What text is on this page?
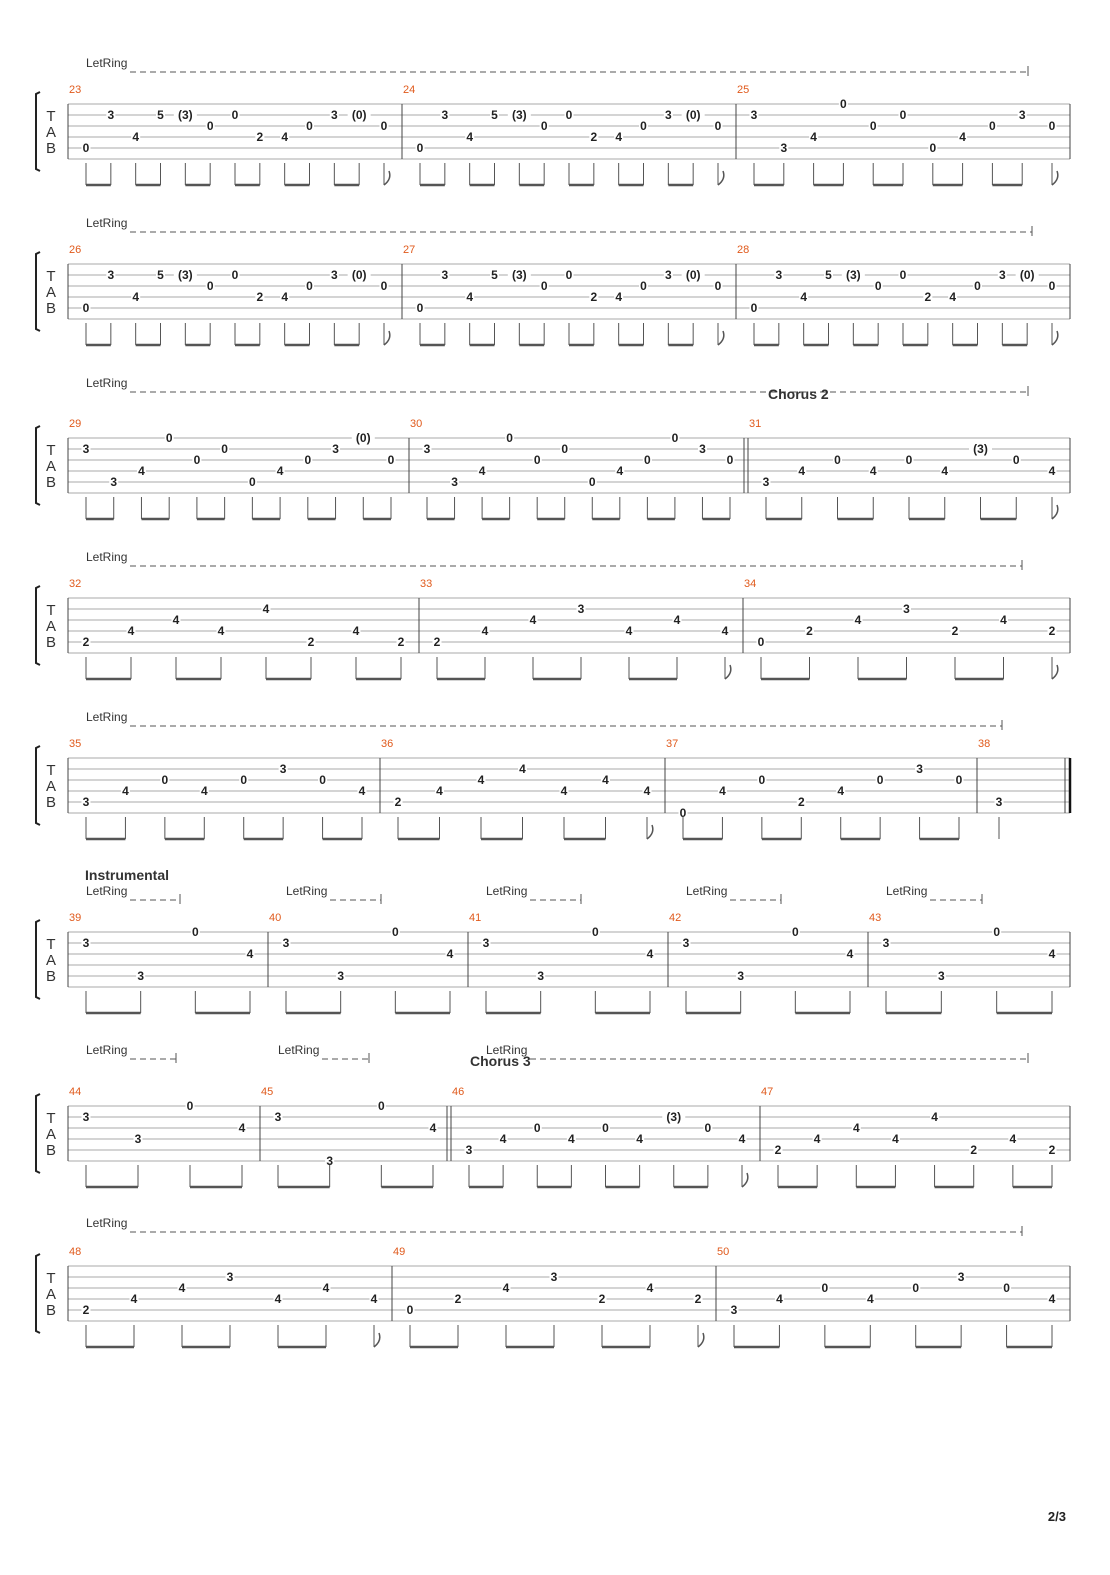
T
A
B
LetRing
23
0
3
4
5 (3)
0
0
2 4
0
3 (0)
0
24
0
3
4
5 (3)
0
0
2 4
0
3 (0)
0
25
3
3
4
0
0
0
0
4
0
3
0
T
A
B
LetRing
26
0
3
4
5 (3)
0
0
2 4
0
3 (0)
0
27
0
3
4
5 (3)
0
0
2 4
0
3 (0)
0
28
0
3
4
5 (3)
0
0
2 4
0
3 (0)
0
T
A
B
LetRing
29
3
3
4
0
0
0
0
4
0
3
(0)
0
30
3
3
4
0
0
0
0
4
0
0
3
0
31
3
4
0
4
0
4
(3)
0
4
T
A
B
LetRing
32
2
4
4
4
4
2
4
2
33
2
4
4
3
4
4
4
34
0
2
4
3
2
4
2
T
A
B
LetRing
35
3
4
0
4
0
3
0
4
36
2
4
4
4
4
4
4
37
0
4
0
2
4
0
3
0
38
3
T
A
B
LetRing	LetRing	LetRing	LetRing	LetRing
39
3
3
0
4
40
3
3
0
4
41
3
3
0
4
42
3
3
0
4
43
3
3
0
4
T
A
B
LetRing	LetRing	LetRing
44
3
3
0
4
45
3
3
0
4
46
3
4
0
4
0
4
(3)
0
4
47
2
4
4
4
4
2
4
2
T
A
B
LetRing
48
2
4
4
3
4
4
4
49
0
2
4
3
2
4
2
50
3
4
0
4
0
3
0
4
Chorus 2
Instrumental
Chorus 3
2/3
